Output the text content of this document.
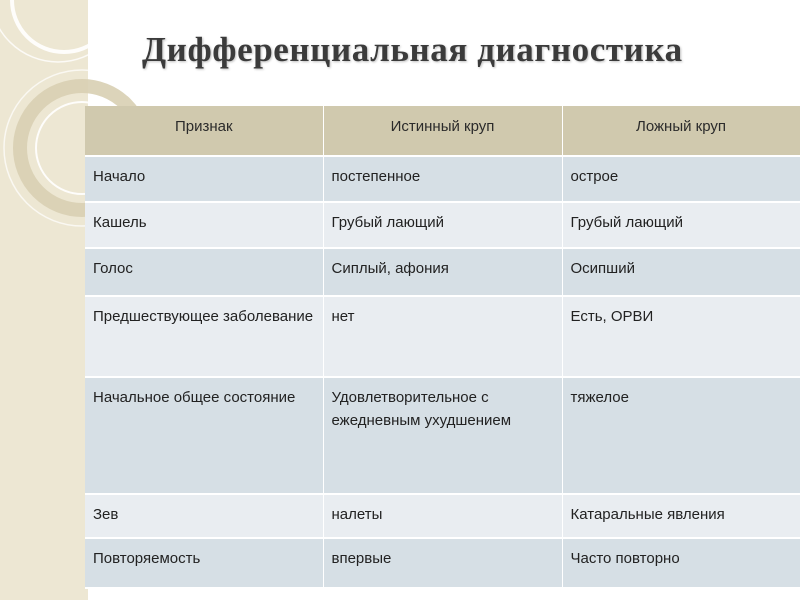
Дифференциальная диагностика
Признак	Истинный круп	Ложный круп
Начало	постепенное	острое
Кашель	Грубый лающий	Грубый лающий
Голос	Сиплый, афония	Осипший
Предшествующее заболевание	нет	Есть, ОРВИ
Начальное общее состояние	Удовлетворительное с ежедневным ухудшением	тяжелое
Зев	налеты	Катаральные явления
Повторяемость	впервые	Часто повторно
